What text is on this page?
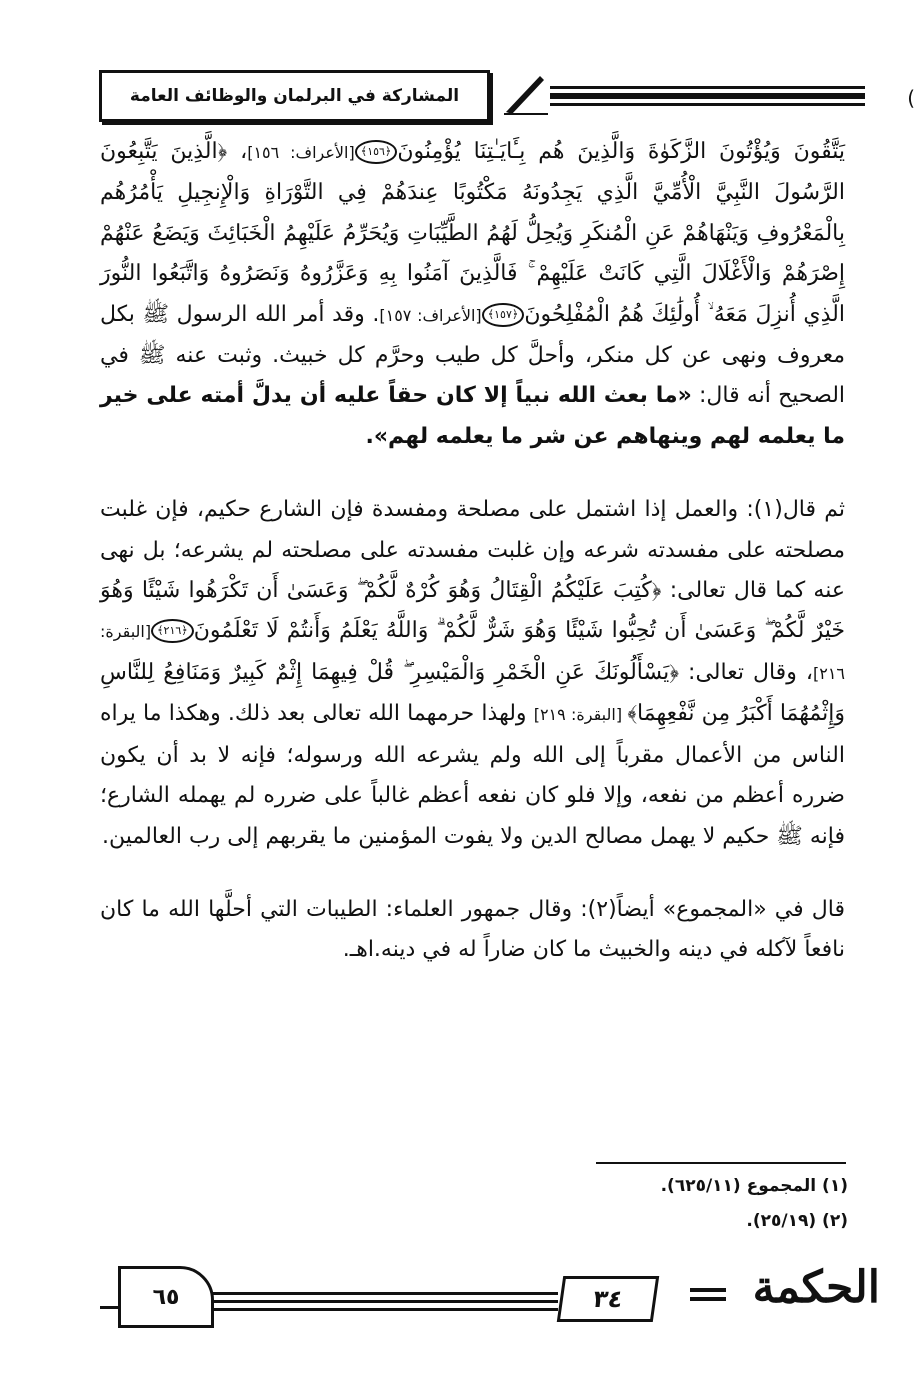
المشاركة في البرلمان والوظائف العامة	(

يَتَّقُونَ وَيُؤْتُونَ الزَّكَوٰةَ وَالَّذِينَ هُم بِـَٔايَـٰتِنَا يُؤْمِنُونَ﴿١٥٦﴾[الأعراف: ١٥٦]، ﴿الَّذِينَ يَتَّبِعُونَ الرَّسُولَ النَّبِيَّ الْأُمِّيَّ الَّذِي يَجِدُونَهُ مَكْتُوبًا عِندَهُمْ فِي التَّوْرَاةِ وَالْإِنجِيلِ يَأْمُرُهُم بِالْمَعْرُوفِ وَيَنْهَاهُمْ عَنِ الْمُنكَرِ وَيُحِلُّ لَهُمُ الطَّيِّبَاتِ وَيُحَرِّمُ عَلَيْهِمُ الْخَبَائِثَ وَيَضَعُ عَنْهُمْ إِصْرَهُمْ وَالْأَغْلَالَ الَّتِي كَانَتْ عَلَيْهِمْ ۚ فَالَّذِينَ آمَنُوا بِهِ وَعَزَّرُوهُ وَنَصَرُوهُ وَاتَّبَعُوا النُّورَ الَّذِي أُنزِلَ مَعَهُ ۙ أُولَٰئِكَ هُمُ الْمُفْلِحُونَ﴿١٥٧﴾[الأعراف: ١٥٧]. وقد أمر الله الرسول ﷺ بكل معروف ونهى عن كل منكر، وأحلَّ كل طيب وحرَّم كل خبيث. وثبت عنه ﷺ في الصحيح أنه قال: «ما بعث الله نبياً إلا كان حقاً عليه أن يدلَّ أمته على خير ما يعلمه لهم وينهاهم عن شر ما يعلمه لهم».

ثم قال(١): والعمل إذا اشتمل على مصلحة ومفسدة فإن الشارع حكيم، فإن غلبت مصلحته على مفسدته شرعه وإن غلبت مفسدته على مصلحته لم يشرعه؛ بل نهى عنه كما قال تعالى: ﴿كُتِبَ عَلَيْكُمُ الْقِتَالُ وَهُوَ كُرْهٌ لَّكُمْ ۖ وَعَسَىٰ أَن تَكْرَهُوا شَيْئًا وَهُوَ خَيْرٌ لَّكُمْ ۖ وَعَسَىٰ أَن تُحِبُّوا شَيْئًا وَهُوَ شَرٌّ لَّكُمْ ۗ وَاللَّهُ يَعْلَمُ وَأَنتُمْ لَا تَعْلَمُونَ﴿٢١٦﴾[البقرة: ٢١٦]، وقال تعالى: ﴿يَسْأَلُونَكَ عَنِ الْخَمْرِ وَالْمَيْسِرِ ۖ قُلْ فِيهِمَا إِثْمٌ كَبِيرٌ وَمَنَافِعُ لِلنَّاسِ وَإِثْمُهُمَا أَكْبَرُ مِن نَّفْعِهِمَا﴾ [البقرة: ٢١٩] ولهذا حرمهما الله تعالى بعد ذلك. وهكذا ما يراه الناس من الأعمال مقرباً إلى الله ولم يشرعه الله ورسوله؛ فإنه لا بد أن يكون ضرره أعظم من نفعه، وإلا فلو كان نفعه أعظم غالباً على ضرره لم يهمله الشارع؛ فإنه ﷺ حكيم لا يهمل مصالح الدين ولا يفوت المؤمنين ما يقربهم إلى رب العالمين.

قال في «المجموع» أيضاً(٢): وقال جمهور العلماء: الطيبات التي أحلَّها الله ما كان نافعاً لآكله في دينه والخبيث ما كان ضاراً له في دينه.اهـ.

(١) المجموع (٦٢٥/١١).
(٢) (٢٥/١٩).
٦٥	٣٤	الحكمة
